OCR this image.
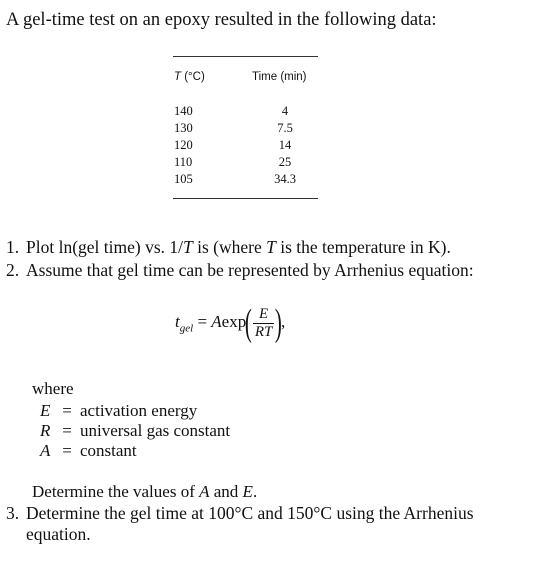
A gel-time test on an epoxy resulted in the following data:
T (°C)	Time (min)
140
130
120
110
105
4
7.5
14
25
34.3
1. Plot ln(gel time) vs. 1/T is (where T is the temperature in K).
2. Assume that gel time can be represented by Arrhenius equation:
$t_{gel} = Aexp( \frac{E}{RT}$ ),
where
E = activation energy
R = universal gas constant
A = constant
Determine the values of A and E.
3. Determine the gel time at 100°C and 150°C using the Arrhenius
equation.
